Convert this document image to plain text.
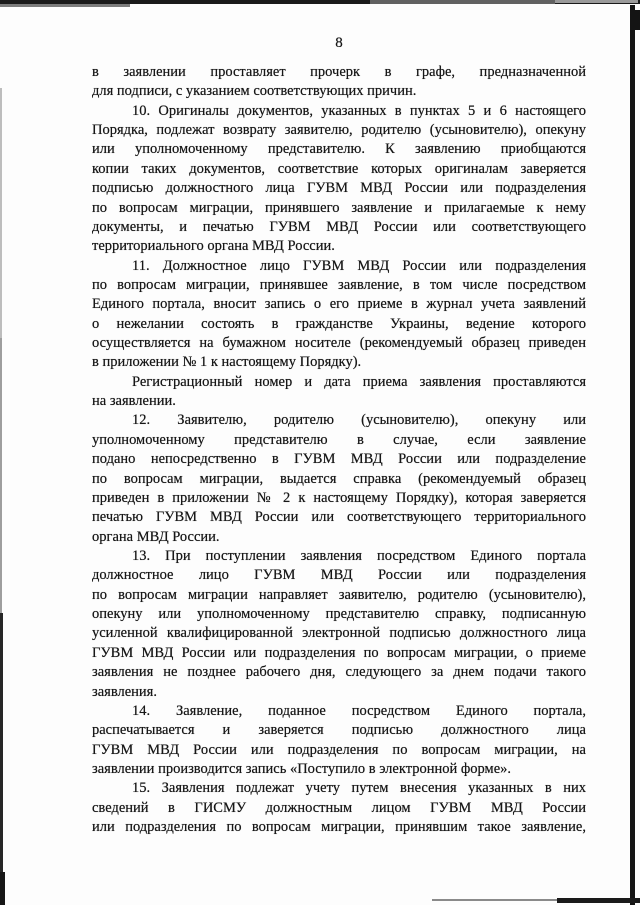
8
в заявлении проставляет прочерк в графе, предназначенной
для подписи, с указанием соответствующих причин.
10. Оригиналы документов, указанных в пунктах 5 и 6 настоящего
Порядка, подлежат возврату заявителю, родителю (усыновителю), опекуну
или уполномоченному представителю. К заявлению приобщаются
копии таких документов, соответствие которых оригиналам заверяется
подписью должностного лица ГУВМ МВД России или подразделения
по вопросам миграции, принявшего заявление и прилагаемые к нему
документы, и печатью ГУВМ МВД России или соответствующего
территориального органа МВД России.
11. Должностное лицо ГУВМ МВД России или подразделения
по вопросам миграции, принявшее заявление, в том числе посредством
Единого портала, вносит запись о его приеме в журнал учета заявлений
о нежелании состоять в гражданстве Украины, ведение которого
осуществляется на бумажном носителе (рекомендуемый образец приведен
в приложении № 1 к настоящему Порядку).
Регистрационный номер и дата приема заявления проставляются
на заявлении.
12. Заявителю, родителю (усыновителю), опекуну или
уполномоченному представителю в случае, если заявление
подано непосредственно в ГУВМ МВД России или подразделение
по вопросам миграции, выдается справка (рекомендуемый образец
приведен в приложении № 2 к настоящему Порядку), которая заверяется
печатью ГУВМ МВД России или соответствующего территориального
органа МВД России.
13. При поступлении заявления посредством Единого портала
должностное лицо ГУВМ МВД России или подразделения
по вопросам миграции направляет заявителю, родителю (усыновителю),
опекуну или уполномоченному представителю справку, подписанную
усиленной квалифицированной электронной подписью должностного лица
ГУВМ МВД России или подразделения по вопросам миграции, о приеме
заявления не позднее рабочего дня, следующего за днем подачи такого
заявления.
14. Заявление, поданное посредством Единого портала,
распечатывается и заверяется подписью должностного лица
ГУВМ МВД России или подразделения по вопросам миграции, на
заявлении производится запись «Поступило в электронной форме».
15. Заявления подлежат учету путем внесения указанных в них
сведений в ГИСМУ должностным лицом ГУВМ МВД России
или подразделения по вопросам миграции, принявшим такое заявление,
